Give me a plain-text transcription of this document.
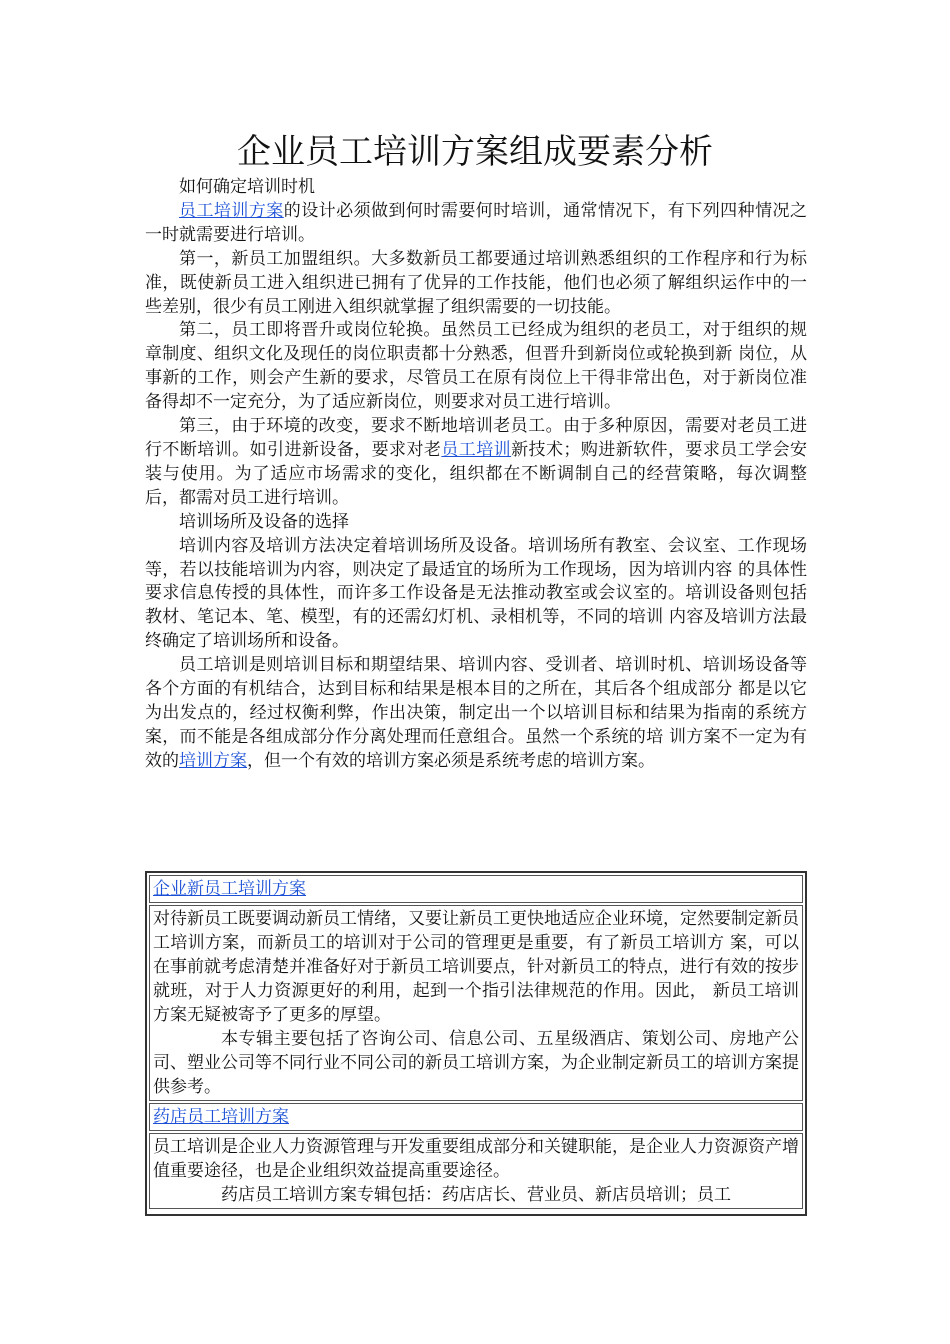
企业员工培训方案组成要素分析

如何确定培训时机

员工培训方案的设计必须做到何时需要何时培训，通常情况下，有下列四种情况之一时就需要进行培训。

第一，新员工加盟组织。大多数新员工都要通过培训熟悉组织的工作程序和行为标准，既使新员工进入组织进已拥有了优异的工作技能，他们也必须了解组织运作中的一些差别，很少有员工刚进入组织就掌握了组织需要的一切技能。

第二，员工即将晋升或岗位轮换。虽然员工已经成为组织的老员工，对于组织的规章制度、组织文化及现任的岗位职责都十分熟悉，但晋升到新岗位或轮换到新 岗位，从事新的工作，则会产生新的要求，尽管员工在原有岗位上干得非常出色，对于新岗位准备得却不一定充分，为了适应新岗位，则要求对员工进行培训。

第三，由于环境的改变，要求不断地培训老员工。由于多种原因，需要对老员工进行不断培训。如引进新设备，要求对老员工培训新技术；购进新软件，要求员工学会安装与使用。为了适应市场需求的变化，组织都在不断调制自己的经营策略，每次调整后，都需对员工进行培训。

培训场所及设备的选择

培训内容及培训方法决定着培训场所及设备。培训场所有教室、会议室、工作现场等，若以技能培训为内容，则决定了最适宜的场所为工作现场，因为培训内容 的具体性要求信息传授的具体性，而许多工作设备是无法推动教室或会议室的。培训设备则包括教材、笔记本、笔、模型，有的还需幻灯机、录相机等，不同的培训 内容及培训方法最终确定了培训场所和设备。

员工培训是则培训目标和期望结果、培训内容、受训者、培训时机、培训场设备等各个方面的有机结合，达到目标和结果是根本目的之所在，其后各个组成部分 都是以它为出发点的，经过权衡利弊，作出决策，制定出一个以培训目标和结果为指南的系统方案，而不能是各组成部分作分离处理而任意组合。虽然一个系统的培 训方案不一定为有效的培训方案，但一个有效的培训方案必须是系统考虑的培训方案。

企业新员工培训方案

对待新员工既要调动新员工情绪，又要让新员工更快地适应企业环境，定然要制定新员工培训方案，而新员工的培训对于公司的管理更是重要，有了新员工培训方 案，可以在事前就考虑清楚并准备好对于新员工培训要点，针对新员工的特点，进行有效的按步就班，对于人力资源更好的利用，起到一个指引法律规范的作用。因此， 新员工培训方案无疑被寄予了更多的厚望。

本专辑主要包括了咨询公司、信息公司、五星级酒店、策划公司、房地产公司、塑业公司等不同行业不同公司的新员工培训方案，为企业制定新员工的培训方案提供参考。

药店员工培训方案

员工培训是企业人力资源管理与开发重要组成部分和关键职能，是企业人力资源资产增值重要途径，也是企业组织效益提高重要途径。

药店员工培训方案专辑包括：药店店长、营业员、新店员培训；员工
